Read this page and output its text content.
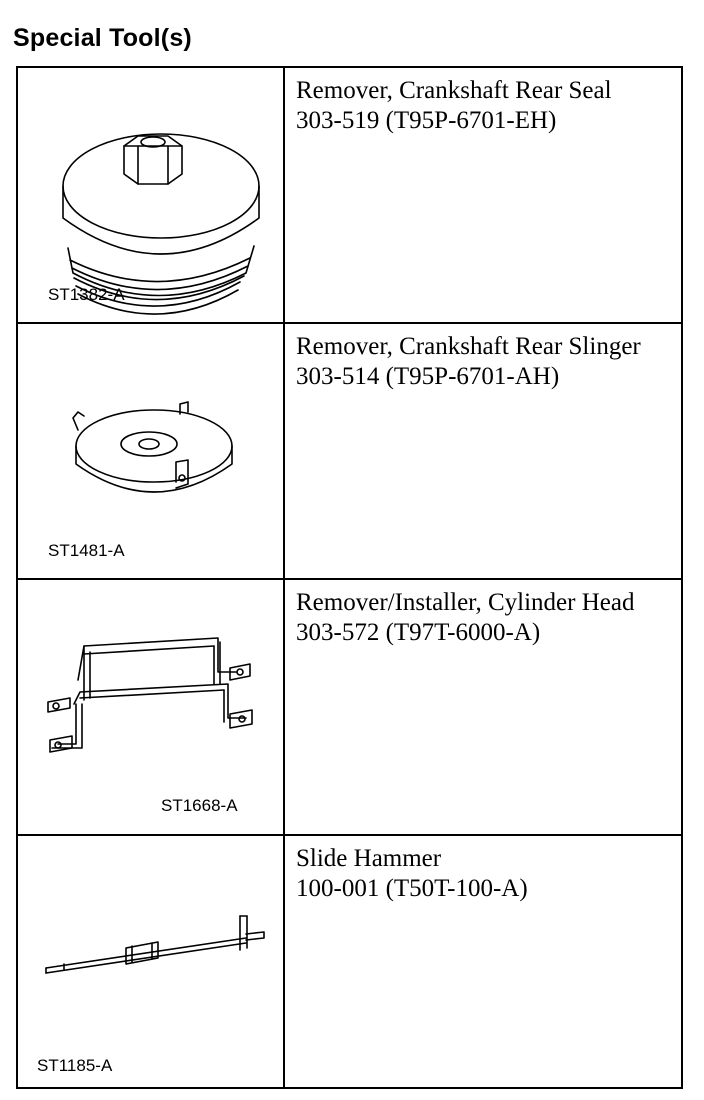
Special Tool(s)
ST1382-A
Remover, Crankshaft Rear Seal
303-519 (T95P-6701-EH)
ST1481-A
Remover, Crankshaft Rear Slinger
303-514 (T95P-6701-AH)
ST1668-A
Remover/Installer, Cylinder Head
303-572 (T97T-6000-A)
ST1185-A
Slide Hammer
100-001 (T50T-100-A)
